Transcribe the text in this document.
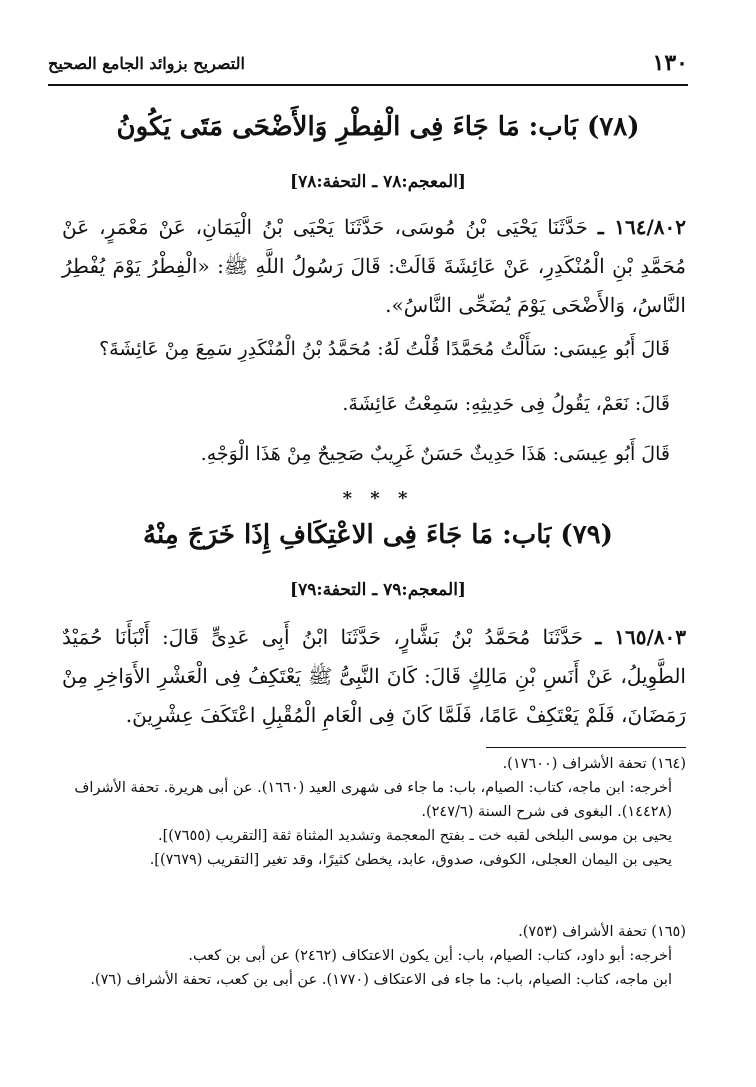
١٣٠
التصريح بزوائد الجامع الصحيح
(٧٨) بَاب: مَا جَاءَ فِى الْفِطْرِ وَالأَضْحَى مَتَى يَكُونُ
[المعجم:٧٨ ـ التحفة:٧٨]
١٦٤/٨٠٢ ـ حَدَّثَنَا يَحْيَى بْنُ مُوسَى، حَدَّثَنَا يَحْيَى بْنُ الْيَمَانِ، عَنْ مَعْمَرٍ، عَنْ مُحَمَّدِ بْنِ الْمُنْكَدِرِ، عَنْ عَائِشَةَ قَالَتْ: قَالَ رَسُولُ اللَّهِ ﷺ: «الْفِطْرُ يَوْمَ يُفْطِرُ النَّاسُ، وَالأَضْحَى يَوْمَ يُضَحِّى النَّاسُ».
قَالَ أَبُو عِيسَى: سَأَلْتُ مُحَمَّدًا قُلْتُ لَهُ: مُحَمَّدُ بْنُ الْمُنْكَدِرِ سَمِعَ مِنْ عَائِشَةَ؟
قَالَ: نَعَمْ، يَقُولُ فِى حَدِيثِهِ: سَمِعْتُ عَائِشَةَ.
قَالَ أَبُو عِيسَى: هَذَا حَدِيثٌ حَسَنٌ غَرِيبٌ صَحِيحٌ مِنْ هَذَا الْوَجْهِ.
* * *
(٧٩) بَاب: مَا جَاءَ فِى الاعْتِكَافِ إِذَا خَرَجَ مِنْهُ
[المعجم:٧٩ ـ التحفة:٧٩]
١٦٥/٨٠٣ ـ حَدَّثَنَا مُحَمَّدُ بْنُ بَشَّارٍ، حَدَّثَنَا ابْنُ أَبِى عَدِىٍّ قَالَ: أَنْبَأَنَا حُمَيْدٌ الطَّوِيلُ، عَنْ أَنَسِ بْنِ مَالِكٍ قَالَ: كَانَ النَّبِىُّ ﷺ يَعْتَكِفُ فِى الْعَشْرِ الأَوَاخِرِ مِنْ رَمَضَانَ، فَلَمْ يَعْتَكِفْ عَامًا، فَلَمَّا كَانَ فِى الْعَامِ الْمُقْبِلِ اعْتَكَفَ عِشْرِينَ.
(١٦٤) تحفة الأشراف (١٧٦٠٠).
أخرجه: ابن ماجه، كتاب: الصيام، باب: ما جاء فى شهرى العيد (١٦٦٠). عن أبى هريرة. تحفة الأشراف (١٤٤٢٨). البغوى فى شرح السنة (٢٤٧/٦).
يحيى بن موسى البلخى لقبه خت ـ بفتح المعجمة وتشديد المثناة ثقة [التقريب (٧٦٥٥)].
يحيى بن اليمان العجلى، الكوفى، صدوق، عابد، يخطئ كثيرًا، وقد تغير [التقريب (٧٦٧٩)].
(١٦٥) تحفة الأشراف (٧٥٣).
أخرجه: أبو داود، كتاب: الصيام، باب: أين يكون الاعتكاف (٢٤٦٢) عن أبى بن كعب.
ابن ماجه، كتاب: الصيام، باب: ما جاء فى الاعتكاف (١٧٧٠). عن أبى بن كعب، تحفة الأشراف (٧٦).
